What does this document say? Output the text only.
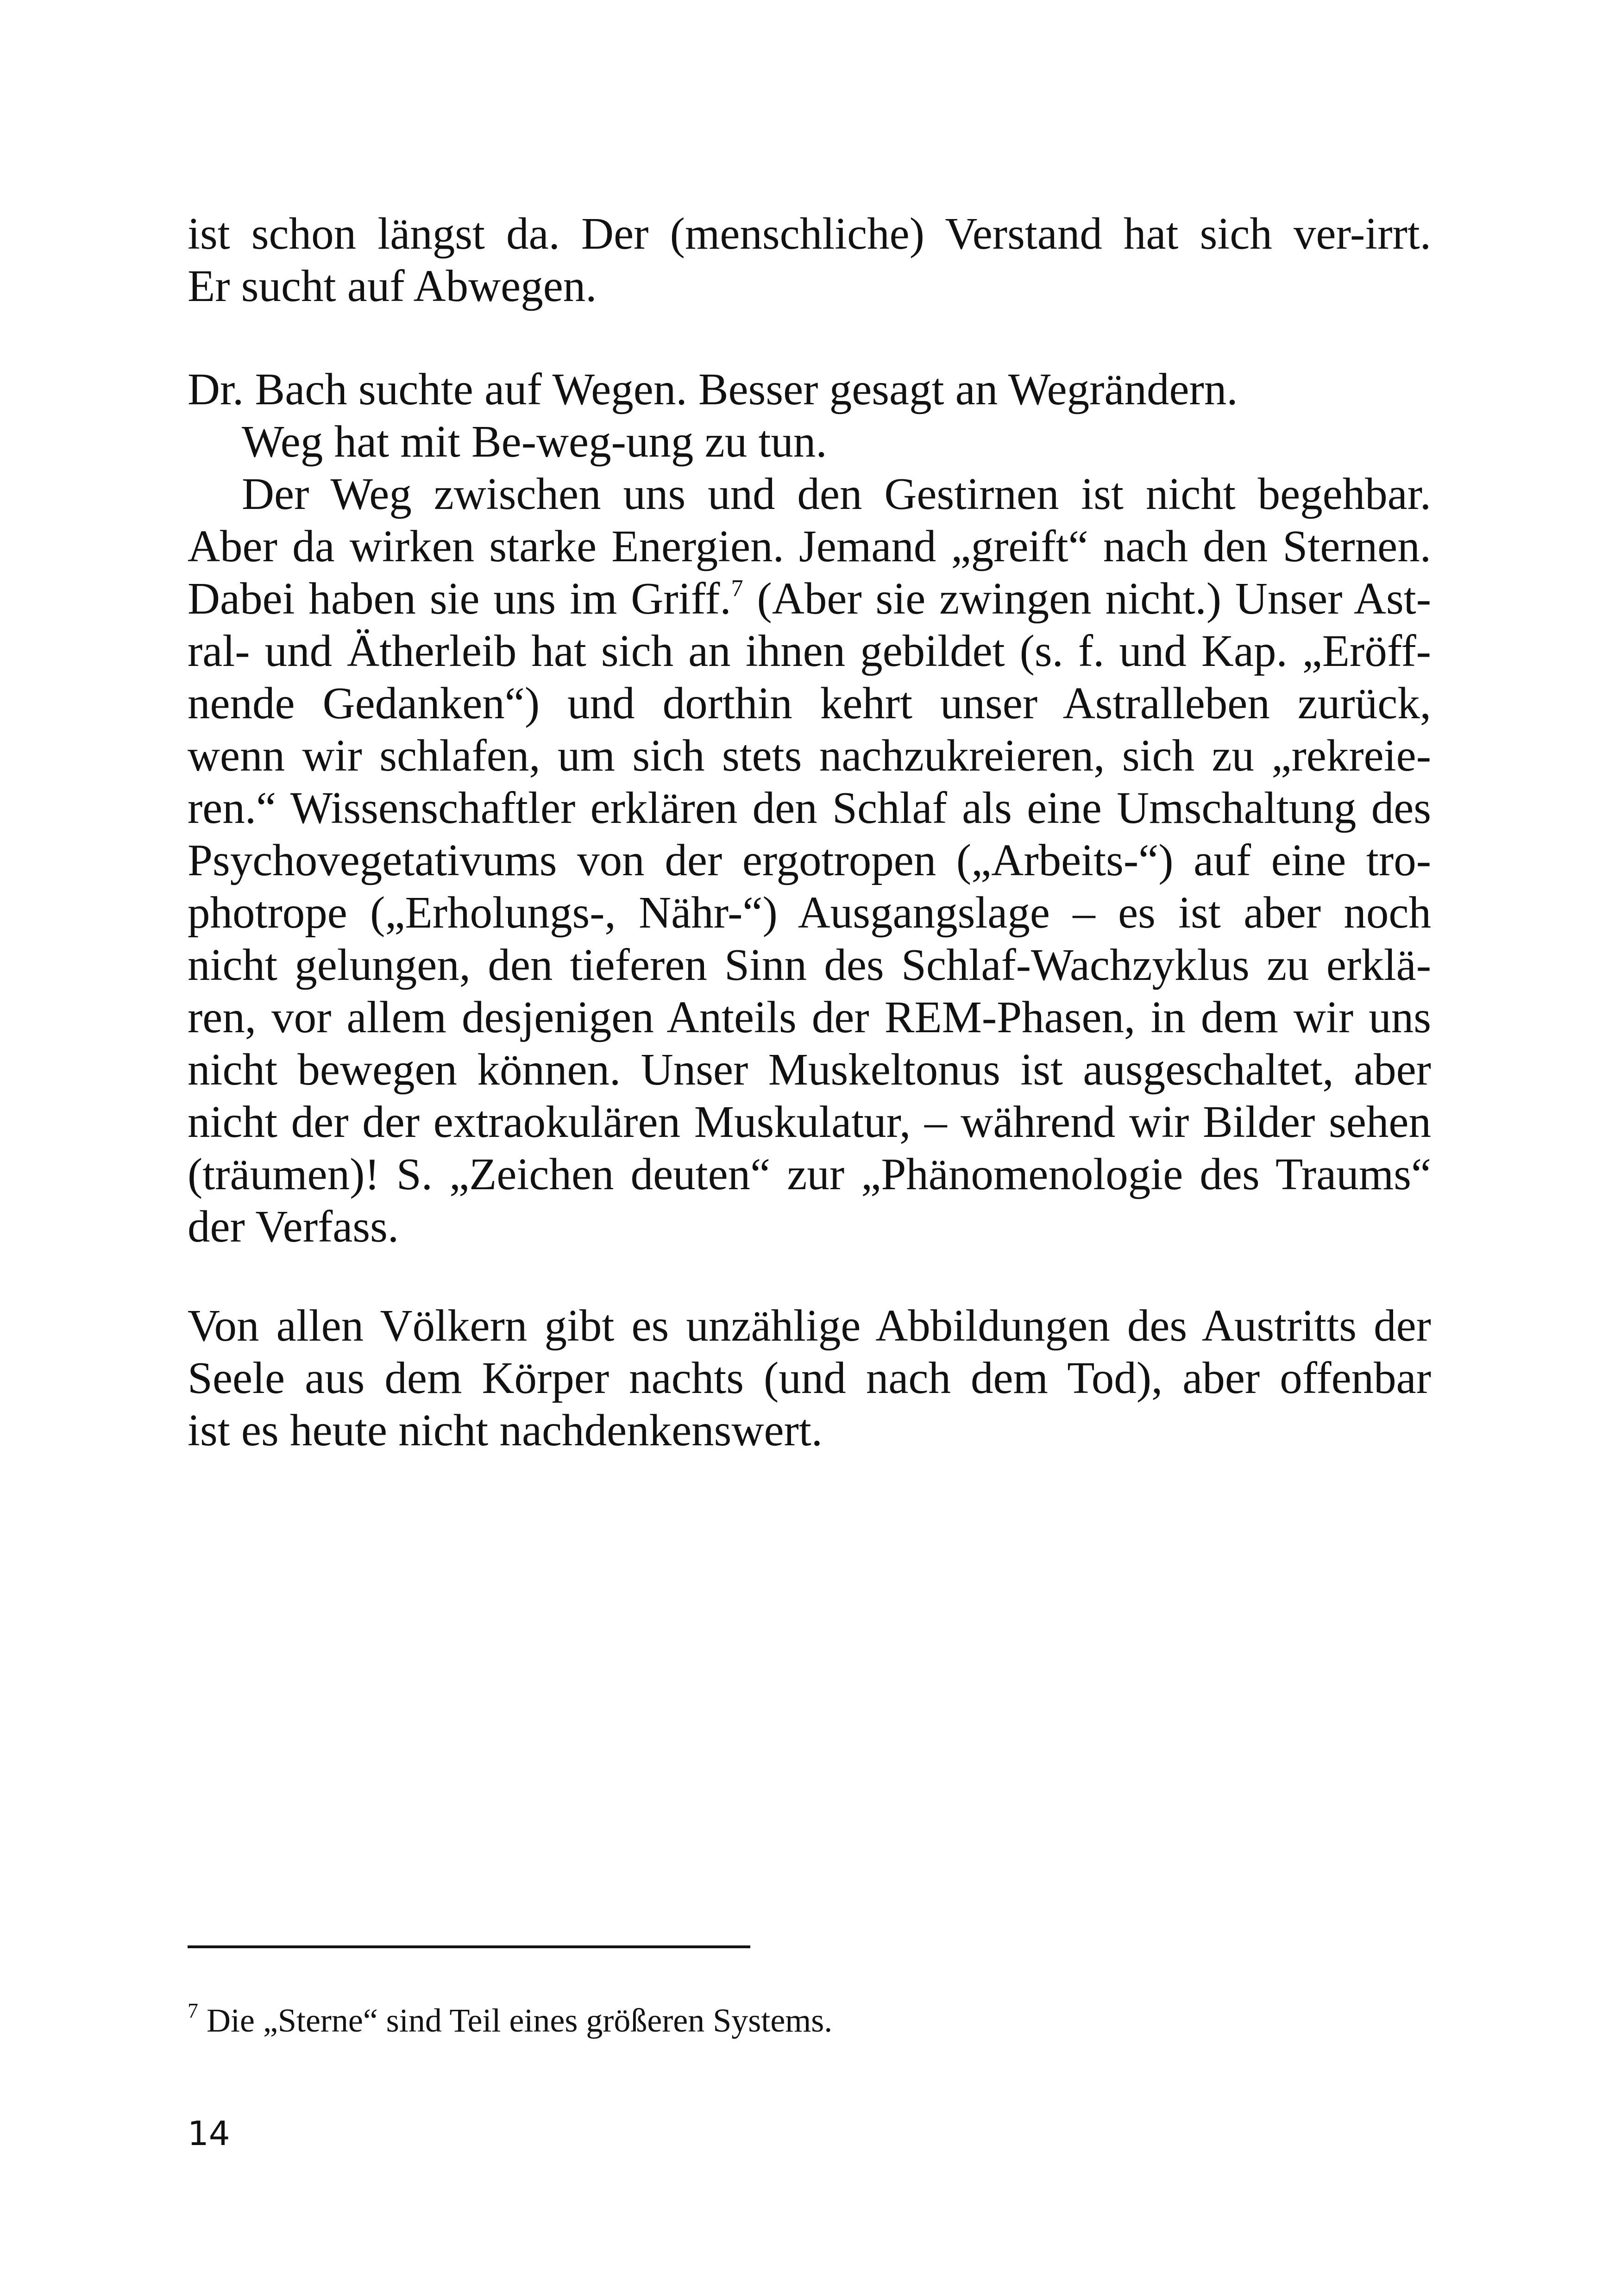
ist schon längst da. Der (menschliche) Verstand hat sich ver-irrt.
Er sucht auf Abwegen.
Dr. Bach suchte auf Wegen. Besser gesagt an Wegrändern.
Weg hat mit Be-weg-ung zu tun.
Der Weg zwischen uns und den Gestirnen ist nicht begehbar.
Aber da wirken starke Energien. Jemand „greift“ nach den Sternen.
Dabei haben sie uns im Griff.$^7$ (Aber sie zwingen nicht.) Unser Ast-
ral- und Ätherleib hat sich an ihnen gebildet (s. f. und Kap. „Eröff-
nende Gedanken“) und dorthin kehrt unser Astralleben zurück,
wenn wir schlafen, um sich stets nachzukreieren, sich zu „rekreie-
ren.“ Wissenschaftler erklären den Schlaf als eine Umschaltung des
Psychovegetativums von der ergotropen („Arbeits-“) auf eine tro-
photrope („Erholungs-, Nähr-“) Ausgangslage – es ist aber noch
nicht gelungen, den tieferen Sinn des Schlaf-Wachzyklus zu erklä-
ren, vor allem desjenigen Anteils der REM-Phasen, in dem wir uns
nicht bewegen können. Unser Muskeltonus ist ausgeschaltet, aber
nicht der der extraokulären Muskulatur, – während wir Bilder sehen
(träumen)! S. „Zeichen deuten“ zur „Phänomenologie des Traums“
der Verfass.
Von allen Völkern gibt es unzählige Abbildungen des Austritts der
Seele aus dem Körper nachts (und nach dem Tod), aber offenbar
ist es heute nicht nachdenkenswert.
$^7$ Die „Sterne“ sind Teil eines größeren Systems.
14
